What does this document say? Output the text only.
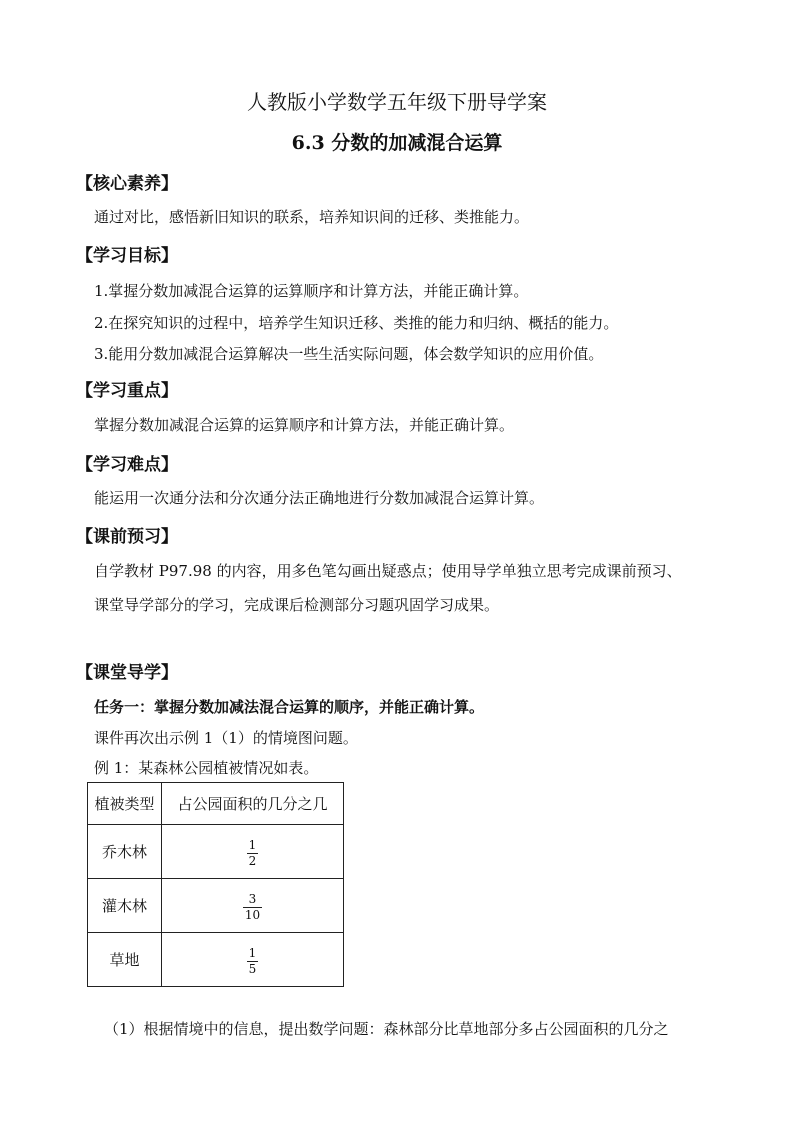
人教版小学数学五年级下册导学案
6.3 分数的加减混合运算
【核心素养】
通过对比，感悟新旧知识的联系，培养知识间的迁移、类推能力。
【学习目标】
1.掌握分数加减混合运算的运算顺序和计算方法，并能正确计算。
2.在探究知识的过程中，培养学生知识迁移、类推的能力和归纳、概括的能力。
3.能用分数加减混合运算解决一些生活实际问题，体会数学知识的应用价值。
【学习重点】
掌握分数加减混合运算的运算顺序和计算方法，并能正确计算。
【学习难点】
能运用一次通分法和分次通分法正确地进行分数加减混合运算计算。
【课前预习】
自学教材 P97.98 的内容，用多色笔勾画出疑惑点；使用导学单独立思考完成课前预习、
课堂导学部分的学习，完成课后检测部分习题巩固学习成果。
【课堂导学】
任务一：掌握分数加减法混合运算的顺序，并能正确计算。
课件再次出示例 1（1）的情境图问题。
例 1：某森林公园植被情况如表。
植被类型	占公园面积的几分之几
乔木林	$\frac{1}{2}$

灌木林	$\frac{3}{10}$

草地	$\frac{1}{5}$
（1）根据情境中的信息，提出数学问题：森林部分比草地部分多占公园面积的几分之
